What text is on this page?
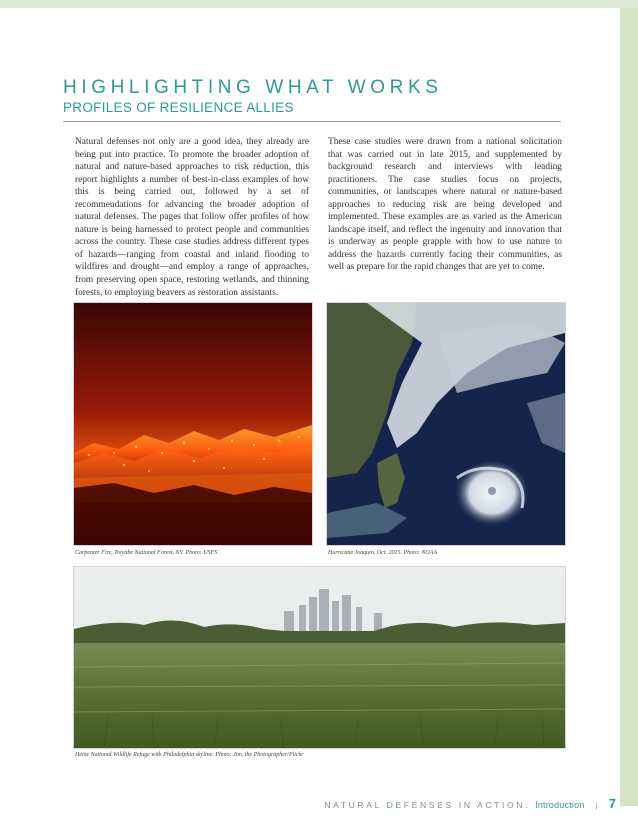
HIGHLIGHTING WHAT WORKS
PROFILES OF RESILIENCE ALLIES
Natural defenses not only are a good idea, they already are being put into practice. To promote the broader adoption of natural and nature-based approaches to risk reduction, this report highlights a number of best-in-class examples of how this is being carried out, followed by a set of recommendations for advancing the broader adoption of natural defenses. The pages that follow offer profiles of how nature is being harnessed to protect people and communities across the country. These case studies address different types of hazards—ranging from coastal and inland flooding to wildfires and drought—and employ a range of approaches, from preserving open space, restoring wetlands, and thinning forests, to employing beavers as restoration assistants.
These case studies were drawn from a national solicitation that was carried out in late 2015, and supplemented by background research and interviews with leading practitioners. The case studies focus on projects, communities, or landscapes where natural or nature-based approaches to reducing risk are being developed and implemented. These examples are as varied as the American landscape itself, and reflect the ingenuity and innovation that is underway as people grapple with how to use nature to address the hazards currently facing their communities, as well as prepare for the rapid changes that are yet to come.
Carpenter Fire, Toiyabe National Forest, NV. Photo: USFS	Hurricane Joaquin, Oct. 2015. Photo: NOAA
Heinz National Wildlife Refuge with Philadelphia skyline. Photo: Jim, the Photographer/Flickr
NATURAL DEFENSES IN ACTION: Introduction | 7
